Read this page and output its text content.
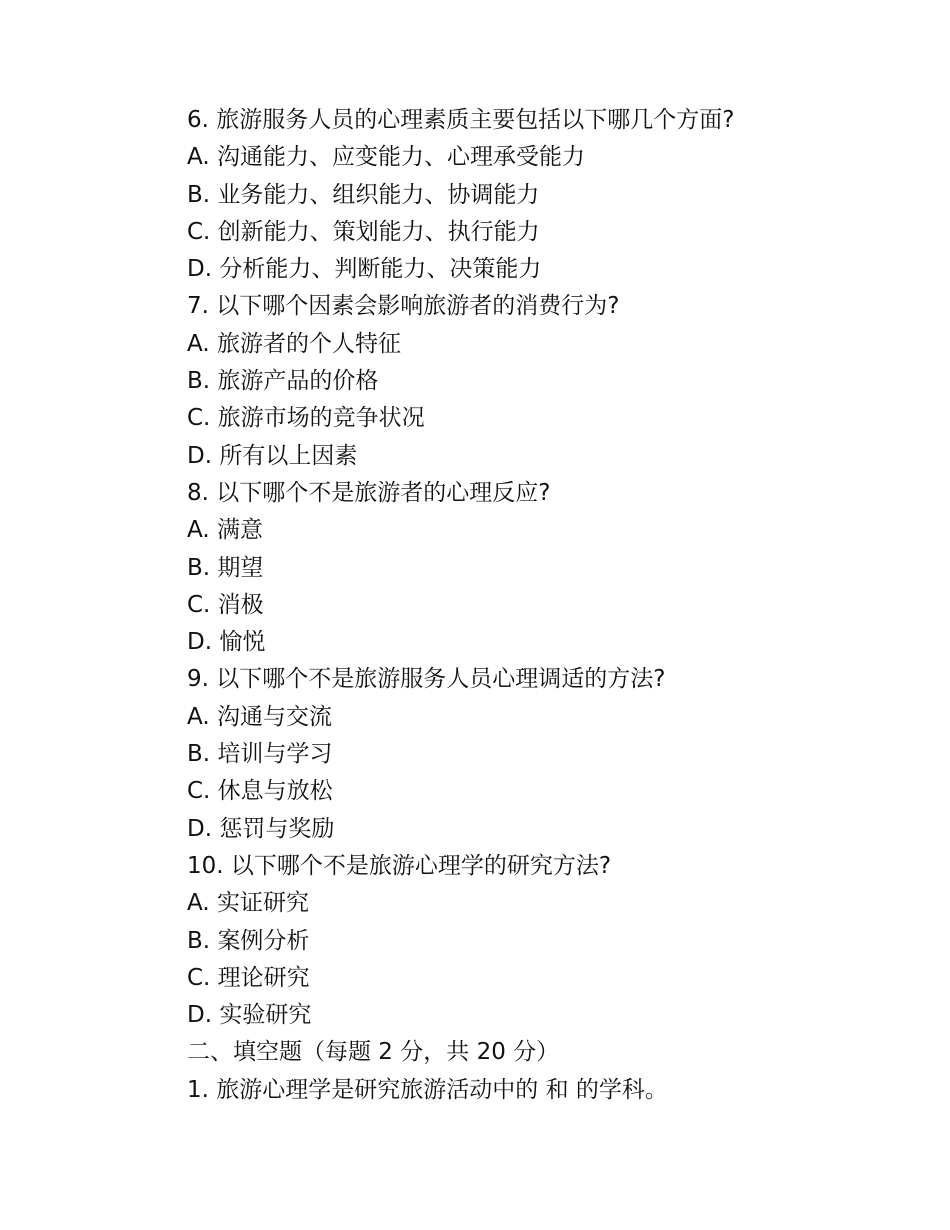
6. 旅游服务人员的心理素质主要包括以下哪几个方面?
A. 沟通能力、应变能力、心理承受能力
B. 业务能力、组织能力、协调能力
C. 创新能力、策划能力、执行能力
D. 分析能力、判断能力、决策能力
7. 以下哪个因素会影响旅游者的消费行为?
A. 旅游者的个人特征
B. 旅游产品的价格
C. 旅游市场的竞争状况
D. 所有以上因素
8. 以下哪个不是旅游者的心理反应?
A. 满意
B. 期望
C. 消极
D. 愉悦
9. 以下哪个不是旅游服务人员心理调适的方法?
A. 沟通与交流
B. 培训与学习
C. 休息与放松
D. 惩罚与奖励
10. 以下哪个不是旅游心理学的研究方法?
A. 实证研究
B. 案例分析
C. 理论研究
D. 实验研究
二、填空题（每题 2 分，共 20 分）
1. 旅游心理学是研究旅游活动中的 和 的学科。
